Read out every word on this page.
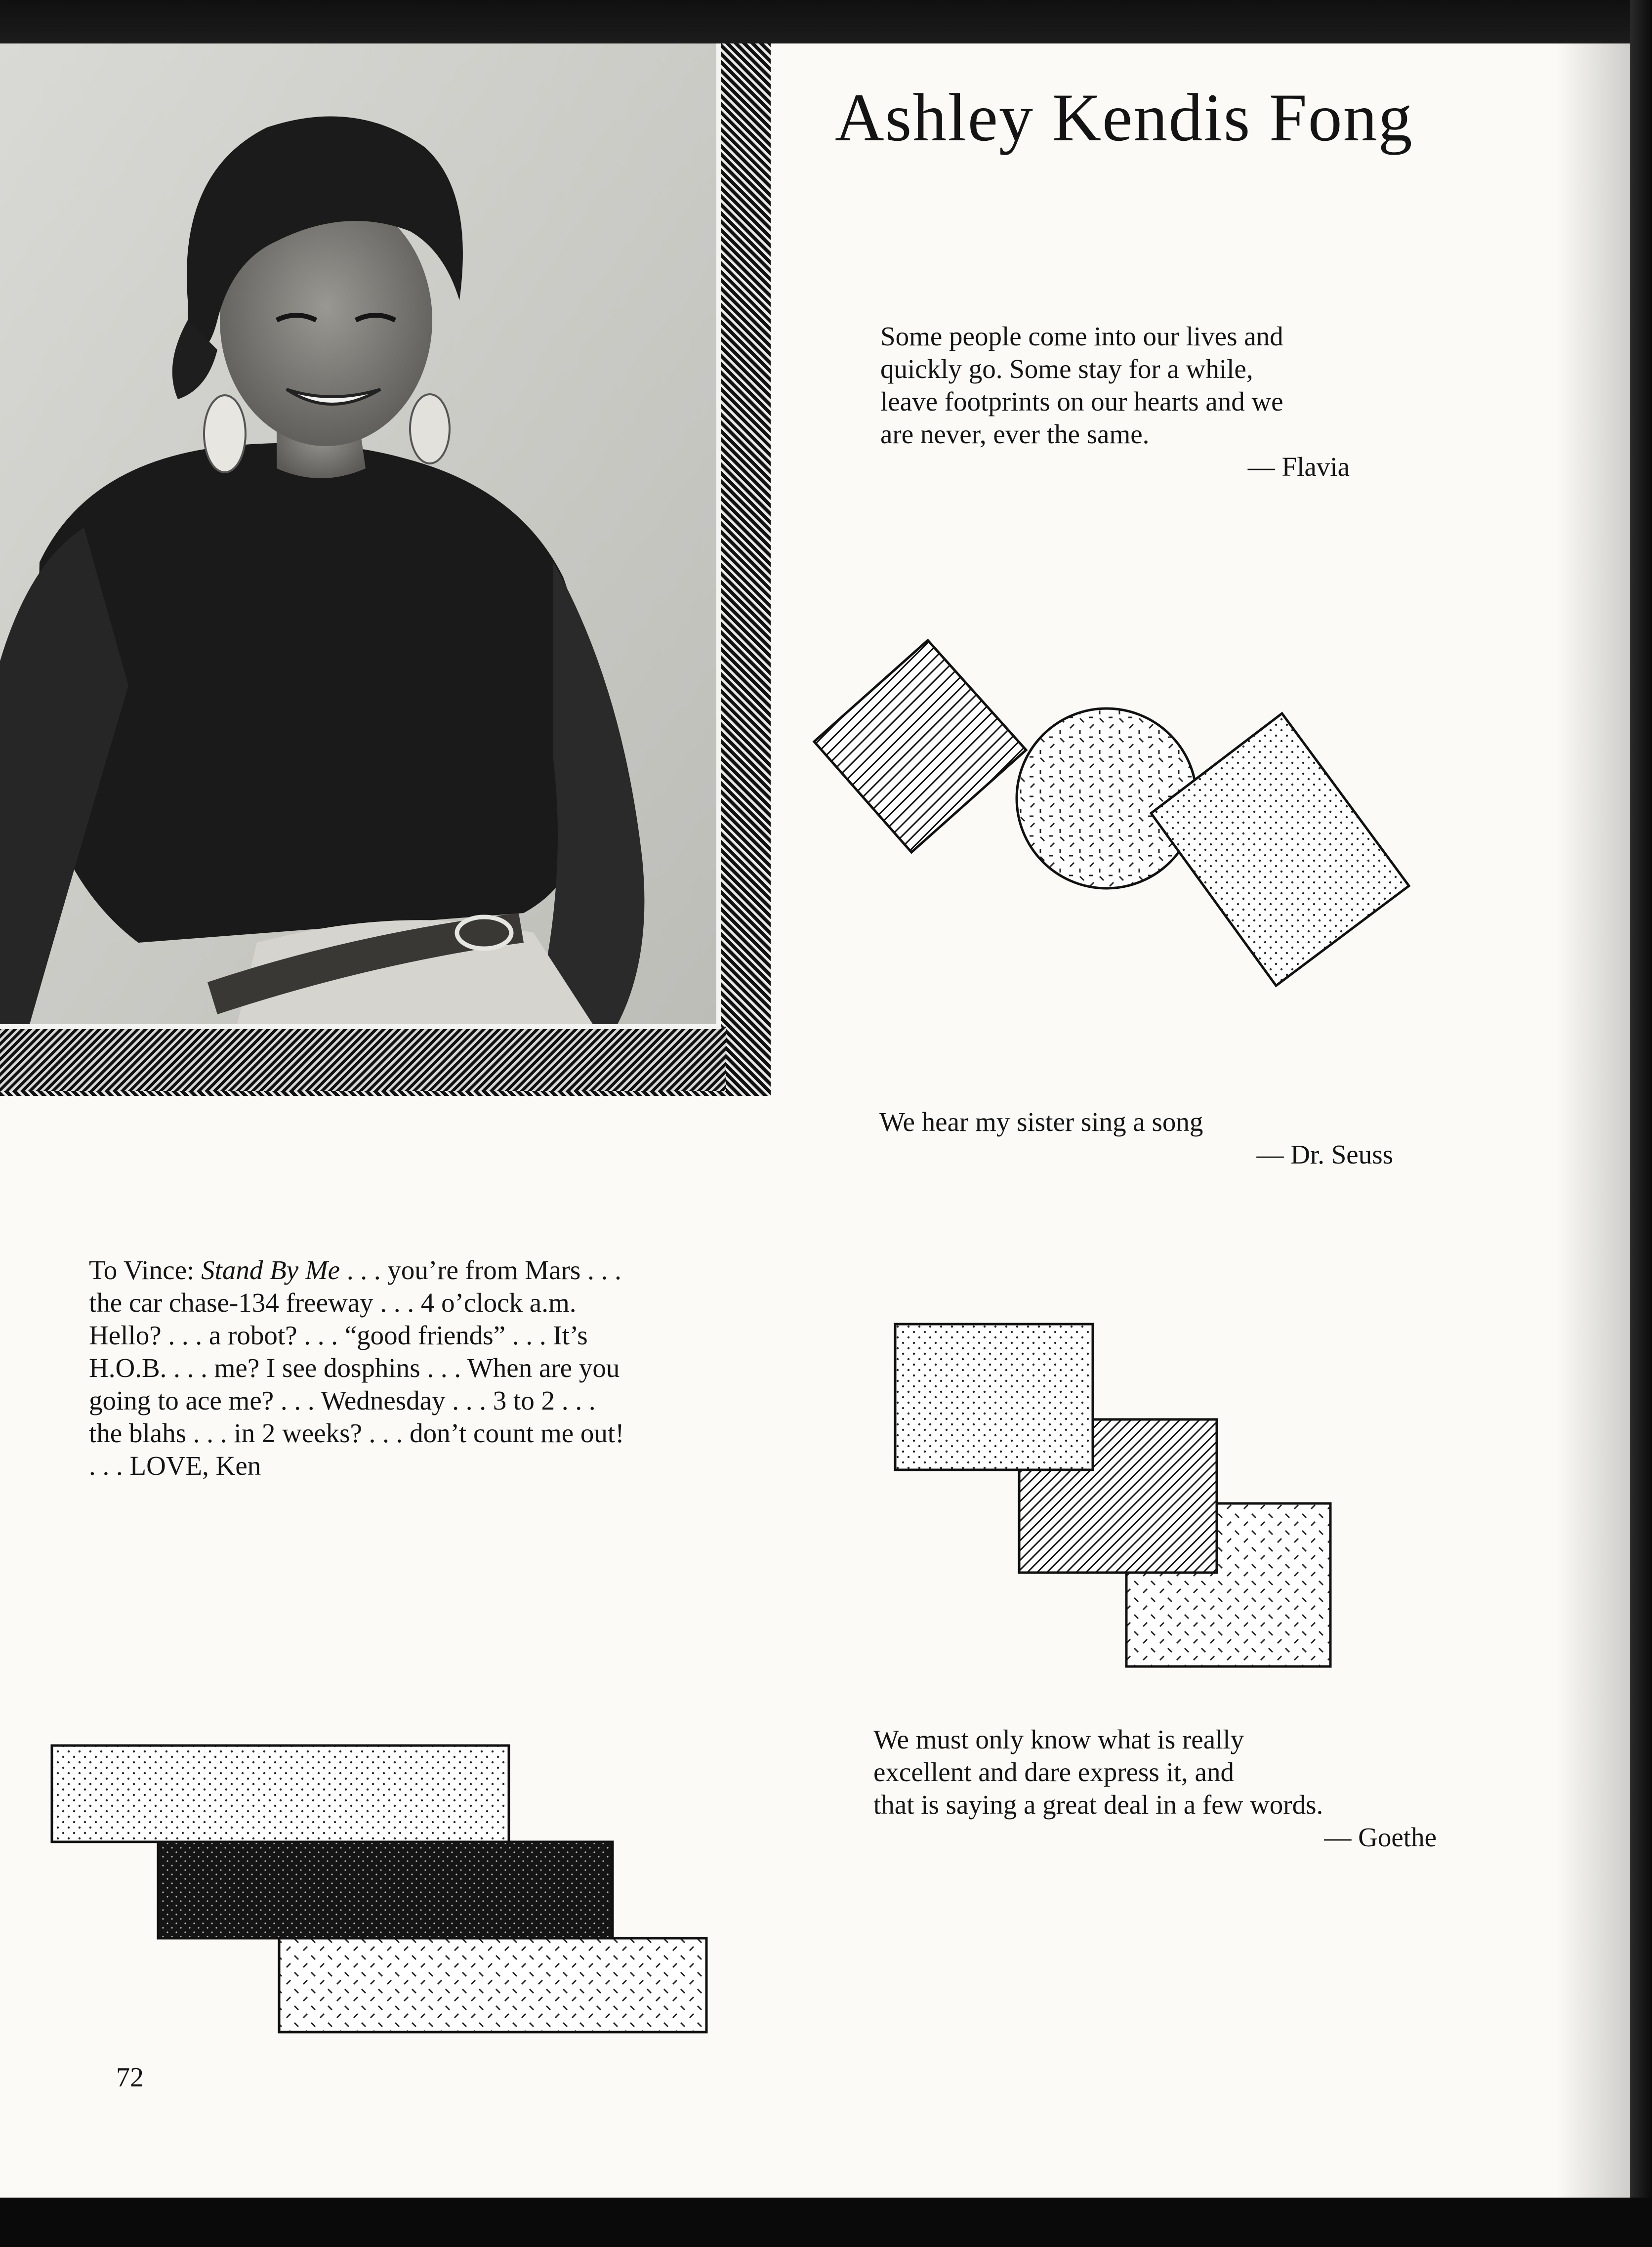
Ashley Kendis Fong

Some people come into our lives and

quickly go. Some stay for a while,

leave footprints on our hearts and we

are never, ever the same.

— Flavia

We hear my sister sing a song

— Dr. Seuss

We must only know what is really

excellent and dare express it, and

that is saying a great deal in a few words.

— Goethe

To Vince: Stand By Me . . . you’re from Mars . . .
the car chase-134 freeway . . . 4 o’clock a.m.
Hello? . . . a robot? . . . “good friends” . . . It’s
H.O.B. . . . me? I see dosphins . . . When are you
going to ace me? . . . Wednesday . . . 3 to 2 . . .
the blahs . . . in 2 weeks? . . . don’t count me out!
. . . LOVE, Ken
72
